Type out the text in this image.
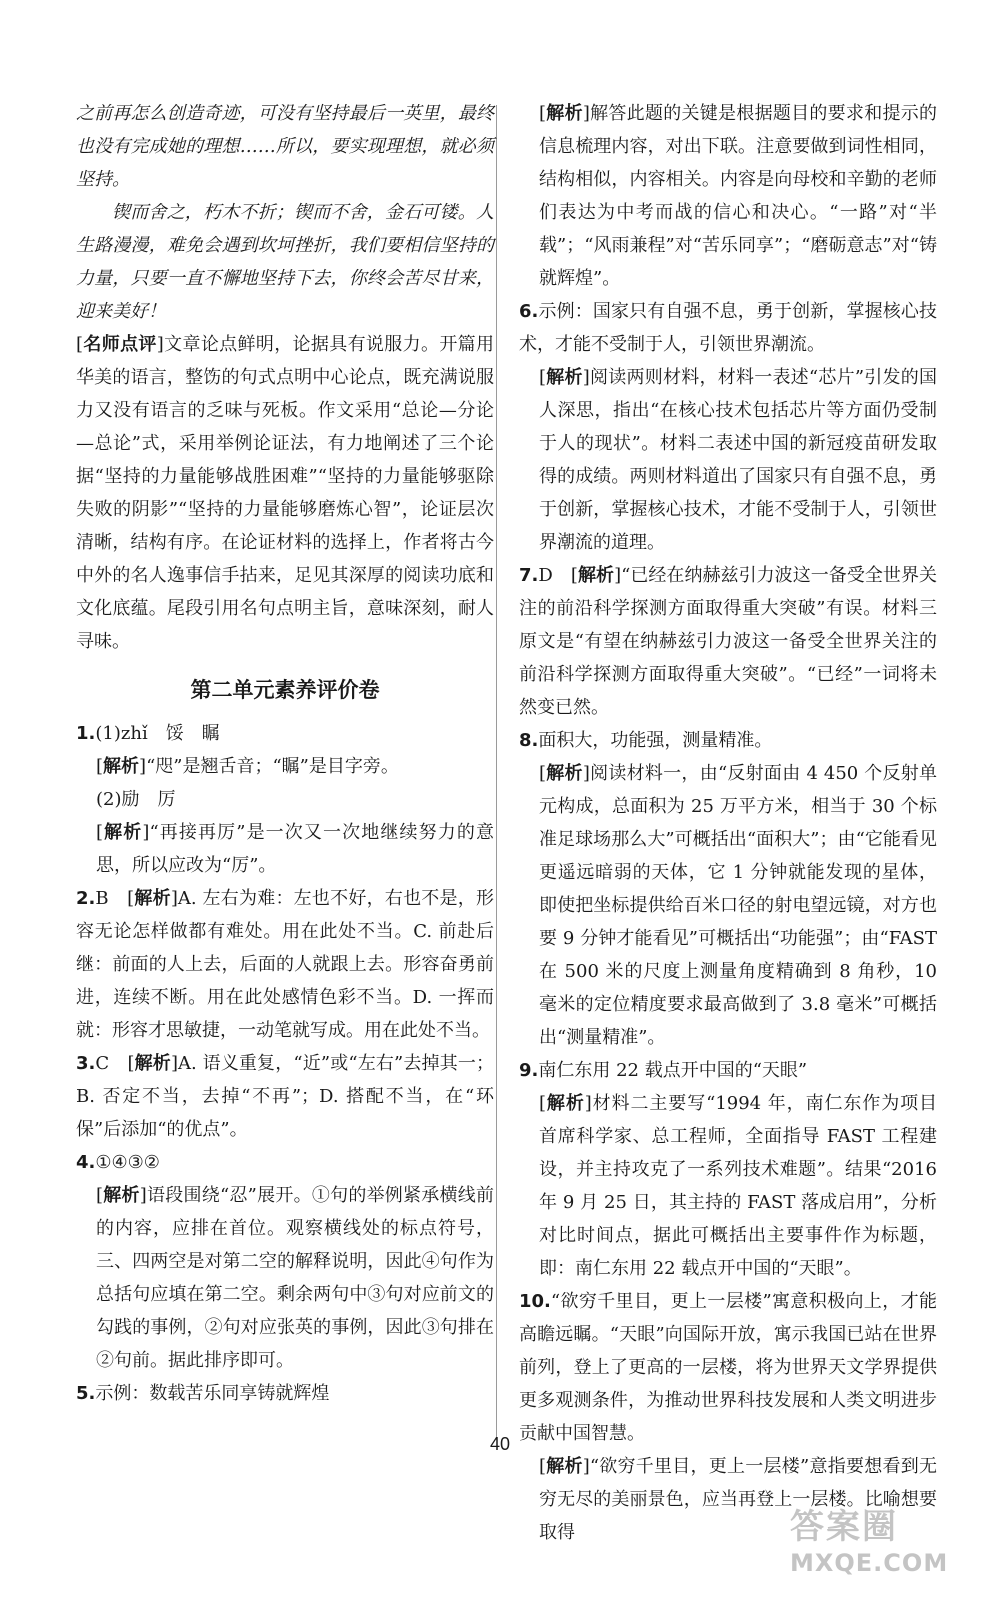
之前再怎么创造奇迹，可没有坚持最后一英里，最终也没有完成她的理想……所以，要实现理想，就必须坚持。

锲而舍之，朽木不折；锲而不舍，金石可镂。人生路漫漫，难免会遇到坎坷挫折，我们要相信坚持的力量，只要一直不懈地坚持下去，你终会苦尽甘来，迎来美好！

[名师点评]文章论点鲜明，论据具有说服力。开篇用华美的语言，整饬的句式点明中心论点，既充满说服力又没有语言的乏味与死板。作文采用“总论—分论—总论”式，采用举例论证法，有力地阐述了三个论据“坚持的力量能够战胜困难”“坚持的力量能够驱除失败的阴影”“坚持的力量能够磨炼心智”，论证层次清晰，结构有序。在论证材料的选择上，作者将古今中外的名人逸事信手拈来，足见其深厚的阅读功底和文化底蕴。尾段引用名句点明主旨，意味深刻，耐人寻味。

第二单元素养评价卷

1.(1)zhǐ　馁　瞩

[解析]“咫”是翘舌音；“瞩”是目字旁。

(2)励　厉

[解析]“再接再厉”是一次又一次地继续努力的意思，所以应改为“厉”。

2.B　[解析]A. 左右为难：左也不好，右也不是，形容无论怎样做都有难处。用在此处不当。C. 前赴后继：前面的人上去，后面的人就跟上去。形容奋勇前进，连续不断。用在此处感情色彩不当。D. 一挥而就：形容才思敏捷，一动笔就写成。用在此处不当。

3.C　[解析]A. 语义重复，“近”或“左右”去掉其一；B. 否定不当，去掉“不再”；D. 搭配不当，在“环保”后添加“的优点”。

4.①④③②

[解析]语段围绕“忍”展开。①句的举例紧承横线前的内容，应排在首位。观察横线处的标点符号，三、四两空是对第二空的解释说明，因此④句作为总括句应填在第二空。剩余两句中③句对应前文的勾践的事例，②句对应张英的事例，因此③句排在②句前。据此排序即可。

5.示例：数载苦乐同享铸就辉煌

[解析]解答此题的关键是根据题目的要求和提示的信息梳理内容，对出下联。注意要做到词性相同，结构相似，内容相关。内容是向母校和辛勤的老师们表达为中考而战的信心和决心。“一路”对“半载”；“风雨兼程”对“苦乐同享”；“磨砺意志”对“铸就辉煌”。

6.示例：国家只有自强不息，勇于创新，掌握核心技术，才能不受制于人，引领世界潮流。

[解析]阅读两则材料，材料一表述“芯片”引发的国人深思，指出“在核心技术包括芯片等方面仍受制于人的现状”。材料二表述中国的新冠疫苗研发取得的成绩。两则材料道出了国家只有自强不息，勇于创新，掌握核心技术，才能不受制于人，引领世界潮流的道理。

7.D　[解析]“已经在纳赫兹引力波这一备受全世界关注的前沿科学探测方面取得重大突破”有误。材料三原文是“有望在纳赫兹引力波这一备受全世界关注的前沿科学探测方面取得重大突破”。“已经”一词将未然变已然。

8.面积大，功能强，测量精准。

[解析]阅读材料一，由“反射面由 4 450 个反射单元构成，总面积为 25 万平方米，相当于 30 个标准足球场那么大”可概括出“面积大”；由“它能看见更遥远暗弱的天体，它 1 分钟就能发现的星体，即使把坐标提供给百米口径的射电望远镜，对方也要 9 分钟才能看见”可概括出“功能强”；由“FAST 在 500 米的尺度上测量角度精确到 8 角秒，10 毫米的定位精度要求最高做到了 3.8 毫米”可概括出“测量精准”。

9.南仁东用 22 载点开中国的“天眼”

[解析]材料二主要写“1994 年，南仁东作为项目首席科学家、总工程师，全面指导 FAST 工程建设，并主持攻克了一系列技术难题”。结果“2016 年 9 月 25 日，其主持的 FAST 落成启用”，分析对比时间点，据此可概括出主要事件作为标题，即：南仁东用 22 载点开中国的“天眼”。

10.“欲穷千里目，更上一层楼”寓意积极向上，才能高瞻远瞩。“天眼”向国际开放，寓示我国已站在世界前列，登上了更高的一层楼，将为世界天文学界提供更多观测条件，为推动世界科技发展和人类文明进步贡献中国智慧。

[解析]“欲穷千里目，更上一层楼”意指要想看到无穷无尽的美丽景色，应当再登上一层楼。比喻想要取得

40
答案圈
MXQE.COM
